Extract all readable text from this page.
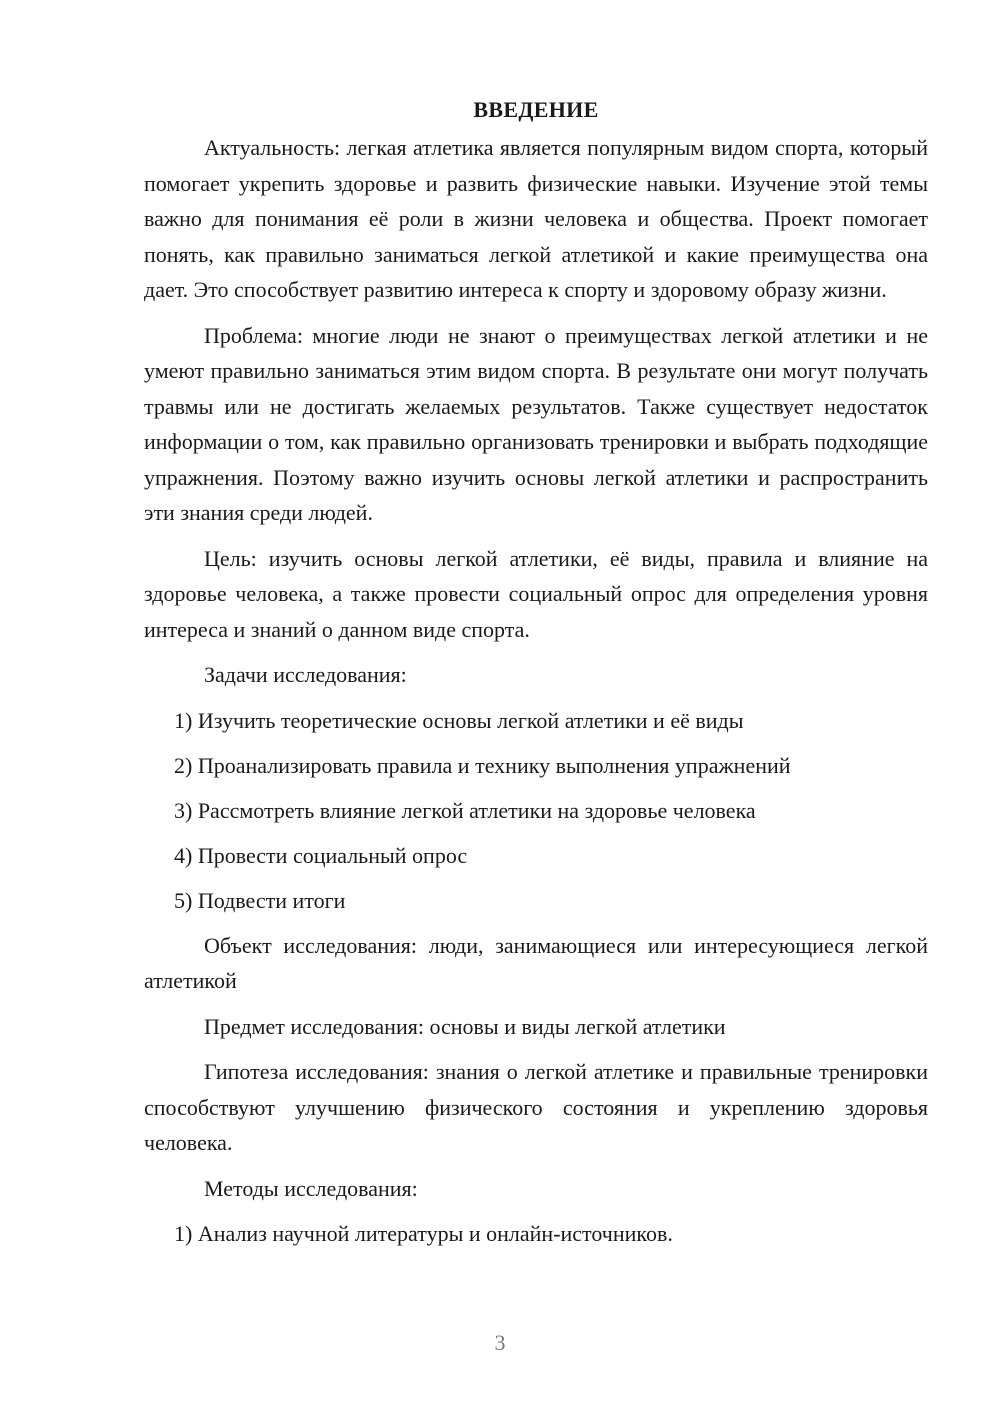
ВВЕДЕНИЕ

Актуальность: легкая атлетика является популярным видом спорта, который помогает укрепить здоровье и развить физические навыки. Изучение этой темы важно для понимания её роли в жизни человека и общества. Проект помогает понять, как правильно заниматься легкой атлетикой и какие преимущества она дает. Это способствует развитию интереса к спорту и здоровому образу жизни.

Проблема: многие люди не знают о преимуществах легкой атлетики и не умеют правильно заниматься этим видом спорта. В результате они могут получать травмы или не достигать желаемых результатов. Также существует недостаток информации о том, как правильно организовать тренировки и выбрать подходящие упражнения. Поэтому важно изучить основы легкой атлетики и распространить эти знания среди людей.

Цель: изучить основы легкой атлетики, её виды, правила и влияние на здоровье человека, а также провести социальный опрос для определения уровня интереса и знаний о данном виде спорта.

Задачи исследования:

1) Изучить теоретические основы легкой атлетики и её виды

2) Проанализировать правила и технику выполнения упражнений

3) Рассмотреть влияние легкой атлетики на здоровье человека

4) Провести социальный опрос

5) Подвести итоги

Объект исследования: люди, занимающиеся или интересующиеся легкой атлетикой

Предмет исследования: основы и виды легкой атлетики

Гипотеза исследования: знания о легкой атлетике и правильные тренировки способствуют улучшению физического состояния и укреплению здоровья человека.

Методы исследования:

1) Анализ научной литературы и онлайн-источников.

3
